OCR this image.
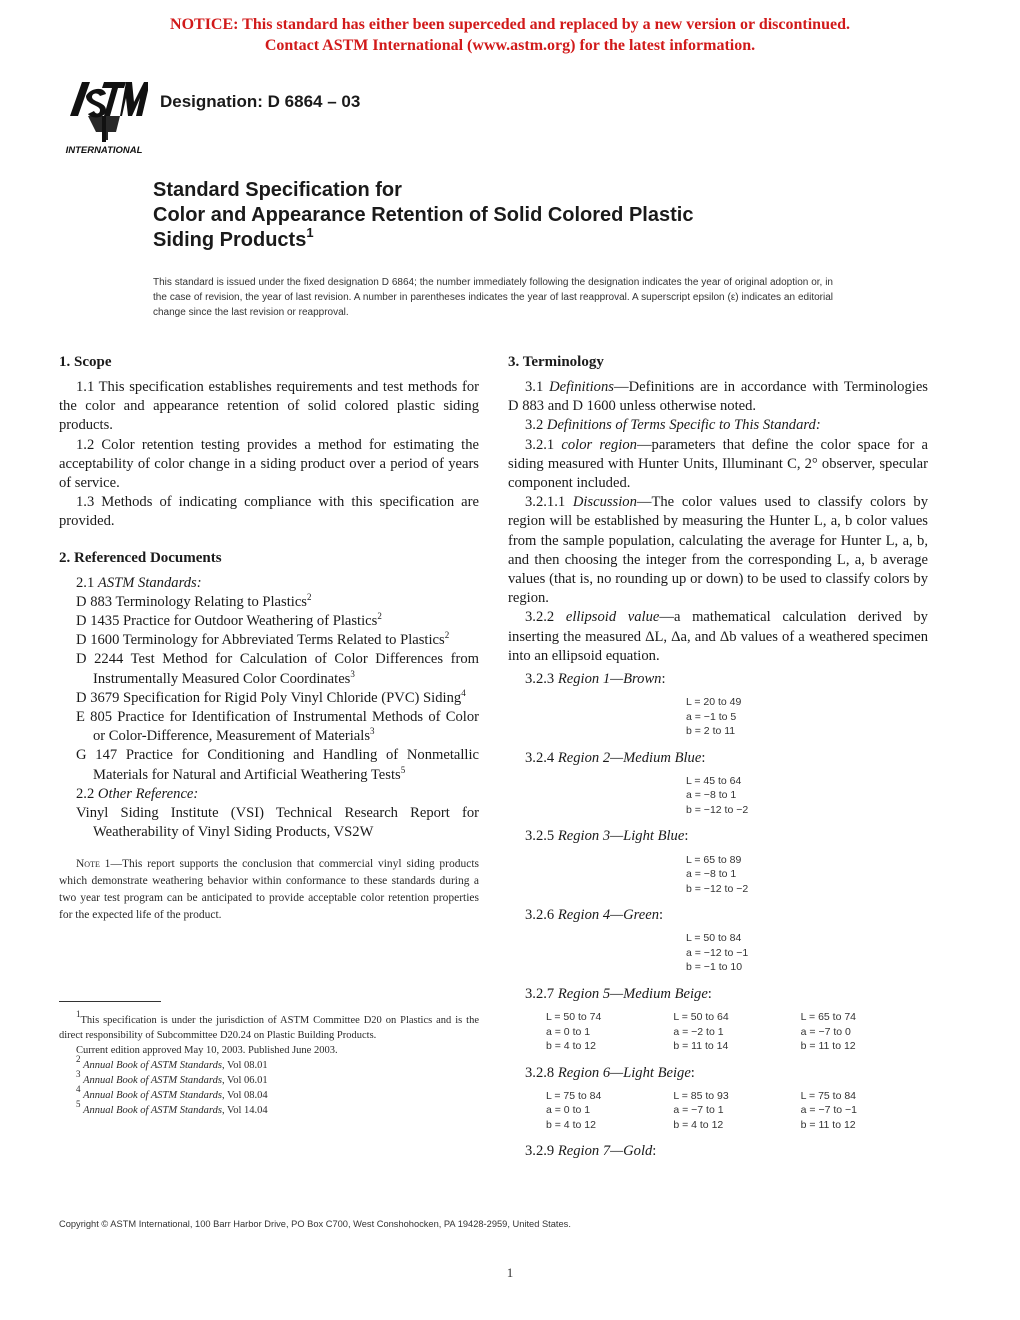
NOTICE: This standard has either been superceded and replaced by a new version or discontinued.
Contact ASTM International (www.astm.org) for the latest information.
INTERNATIONAL
Designation: D 6864 – 03
Standard Specification for
Color and Appearance Retention of Solid Colored Plastic
Siding Products$^1$
This standard is issued under the fixed designation D 6864; the number immediately following the designation indicates the year of original adoption or, in the case of revision, the year of last revision. A number in parentheses indicates the year of last reapproval. A superscript epsilon (ε) indicates an editorial change since the last revision or reapproval.
1. Scope

1.1 This specification establishes requirements and test methods for the color and appearance retention of solid colored plastic siding products.

1.2 Color retention testing provides a method for estimating the acceptability of color change in a siding product over a period of years of service.

1.3 Methods of indicating compliance with this specification are provided.

2. Referenced Documents

2.1 ASTM Standards:

D 883 Terminology Relating to Plastics$^2$

D 1435 Practice for Outdoor Weathering of Plastics$^2$

D 1600 Terminology for Abbreviated Terms Related to Plastics$^2$

D 2244 Test Method for Calculation of Color Differences from Instrumentally Measured Color Coordinates$^3$

D 3679 Specification for Rigid Poly Vinyl Chloride (PVC) Siding$^4$

E 805 Practice for Identification of Instrumental Methods of Color or Color-Difference, Measurement of Materials$^3$

G 147 Practice for Conditioning and Handling of Nonmetallic Materials for Natural and Artificial Weathering Tests$^5$

2.2 Other Reference:

Vinyl Siding Institute (VSI) Technical Research Report for Weatherability of Vinyl Siding Products, VS2W

Note 1—This report supports the conclusion that commercial vinyl siding products which demonstrate weathering behavior within conformance to these standards during a two year test program can be anticipated to provide acceptable color retention properties for the expected life of the product.

3. Terminology

3.1 Definitions—Definitions are in accordance with Terminologies D 883 and D 1600 unless otherwise noted.

3.2 Definitions of Terms Specific to This Standard:

3.2.1 color region—parameters that define the color space for a siding measured with Hunter Units, Illuminant C, 2° observer, specular component included.

3.2.1.1 Discussion—The color values used to classify colors by region will be established by measuring the Hunter L, a, b color values from the sample population, calculating the average for Hunter L, a, b, and then choosing the integer from the corresponding L, a, b average values (that is, no rounding up or down) to be used to classify colors by region.

3.2.2 ellipsoid value—a mathematical calculation derived by inserting the measured ΔL, Δa, and Δb values of a weathered specimen into an ellipsoid equation.

3.2.3 Region 1—Brown:

L = 20 to 49
a = −1 to 5
b = 2 to 11

3.2.4 Region 2—Medium Blue:

L = 45 to 64
a = −8 to 1
b = −12 to −2

3.2.5 Region 3—Light Blue:

L = 65 to 89
a = −8 to 1
b = −12 to −2

3.2.6 Region 4—Green:

L = 50 to 84
a = −12 to −1
b = −1 to 10

3.2.7 Region 5—Medium Beige:

L = 50 to 74
a = 0 to 1
b = 4 to 12
L = 50 to 64
a = −2 to 1
b = 11 to 14
L = 65 to 74
a = −7 to 0
b = 11 to 12

3.2.8 Region 6—Light Beige:

L = 75 to 84
a = 0 to 1
b = 4 to 12
L = 85 to 93
a = −7 to 1
b = 4 to 12
L = 75 to 84
a = −7 to −1
b = 11 to 12

3.2.9 Region 7—Gold:

$^1$This specification is under the jurisdiction of ASTM Committee D20 on Plastics and is the direct responsibility of Subcommittee D20.24 on Plastic Building Products.

Current edition approved May 10, 2003. Published June 2003.

$^2$ Annual Book of ASTM Standards, Vol 08.01

$^3$ Annual Book of ASTM Standards, Vol 06.01

$^4$ Annual Book of ASTM Standards, Vol 08.04

$^5$ Annual Book of ASTM Standards, Vol 14.04

Copyright © ASTM International, 100 Barr Harbor Drive, PO Box C700, West Conshohocken, PA 19428-2959, United States.
1
